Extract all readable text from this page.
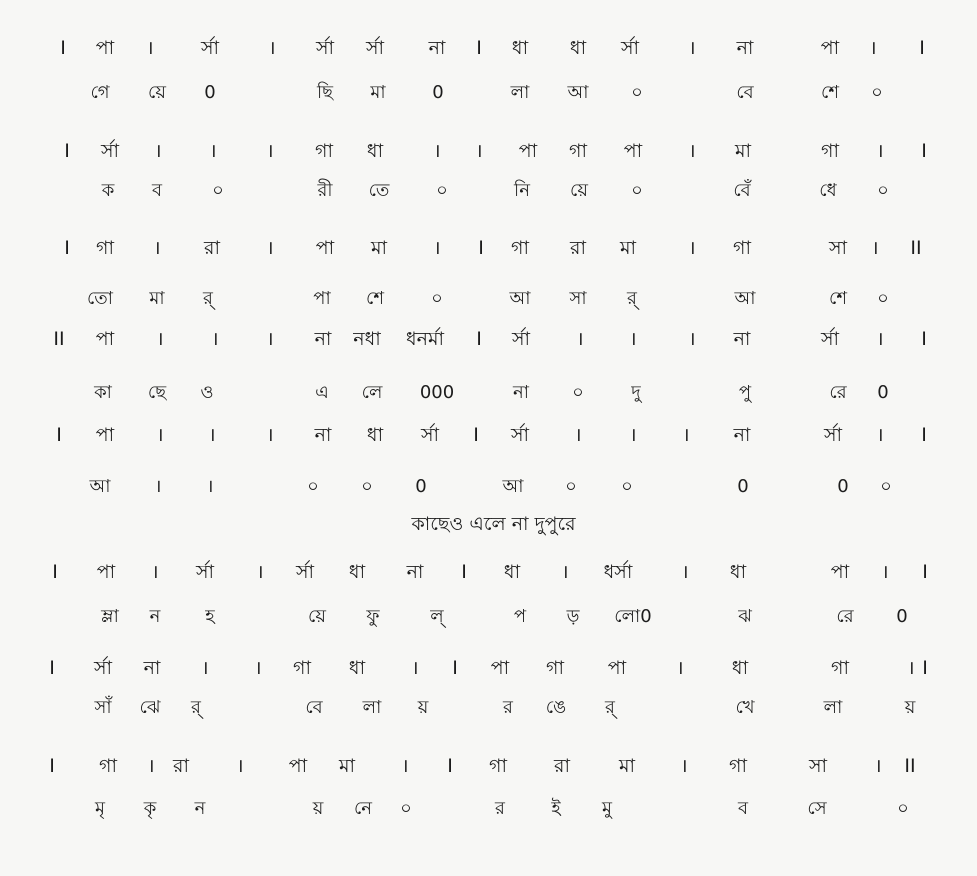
I পা । র্সা	। র্সা র্সা না I ধা ধা র্সা	। না	পা । I
গে য়ে 0	ছি মা	0	লা আ ০	বে	শে ০
I র্সা ।	।	। গা ধা	। । পা গা পা । মা	গা । I
ক ব	০	রী তে	০	নি য়ে ০	বেঁ	ধে ০
I গা । রা । পা মা । I গা রা মা	। গা	সা । II
তো মা র্	পা শে	০	আ সা র্	আ	শে ০
II পা ।	।	। না নধা ধনর্মা I র্সা । ।	। না	র্সা । I
কা ছে ও	এ লে 000	না ০	দু	পু	রে 0
I পা । ।	। না ধা র্সা I র্সা ।	। । না	র্সা । I
আ ।	।	০ ০ 0	আ ০ ০	0	0 ০
কাছেও এলে না দুপুরে
I পা । র্সা । র্সা ধা না I ধা । ধর্সা	। ধা	পা । I
ম্লা ন হ	য়ে ফু	ল্	প ড় লো0	ঝ	রে 0
I র্সা না । । গা ধা । I পা গা পা	।	ধা	গা	। I
সাঁ ঝে র্	বে লা য়	র ঙে র্	খে	লা	য়
I গা । রা । পা মা । I গা রা	মা । গা	সা । II
মৃ কৃ ন	য় নে ০	র	ই মু	ব	সে	০
